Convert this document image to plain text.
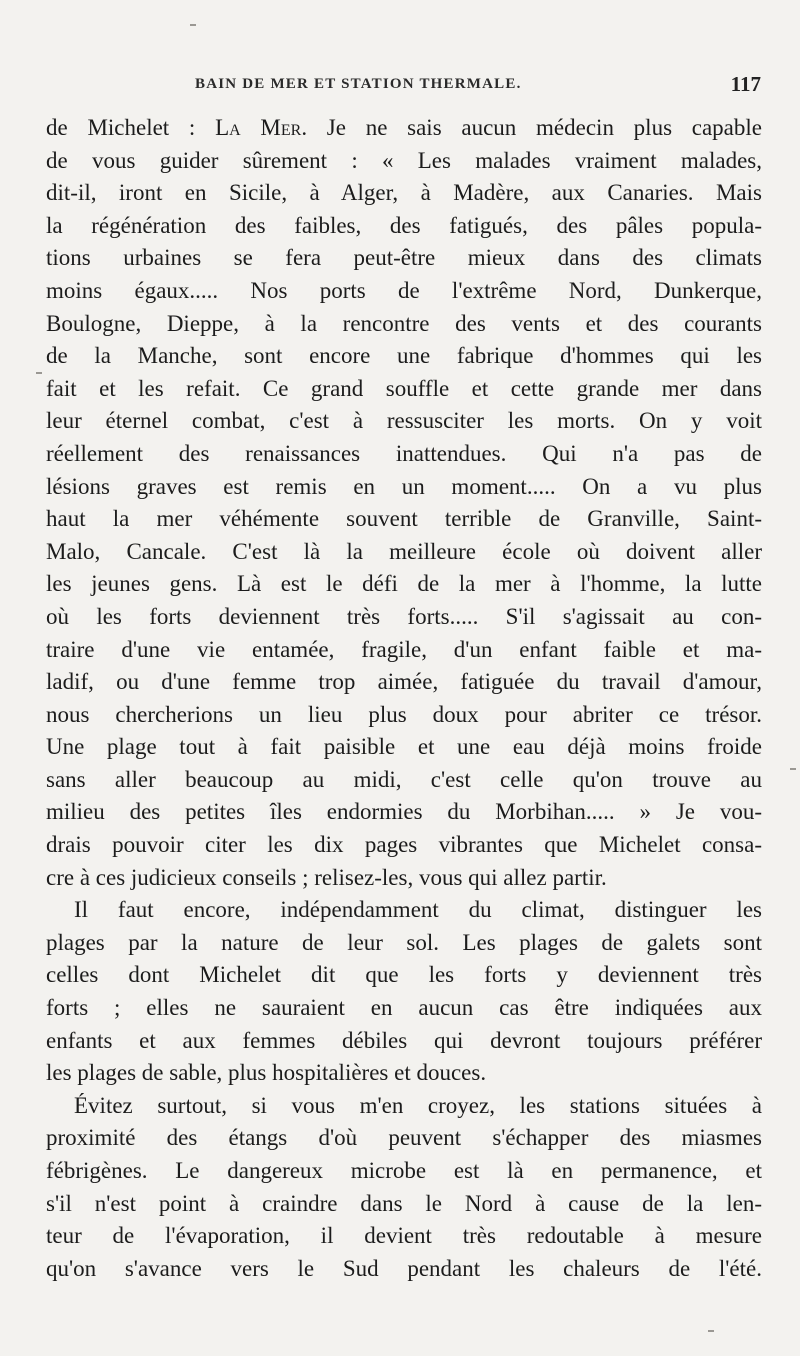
BAIN DE MER ET STATION THERMALE.	117
de Michelet : La Mer. Je ne sais aucun médecin plus capable
de vous guider sûrement : « Les malades vraiment malades,
dit-il, iront en Sicile, à Alger, à Madère, aux Canaries. Mais
la régénération des faibles, des fatigués, des pâles popula-
tions urbaines se fera peut-être mieux dans des climats
moins égaux..... Nos ports de l'extrême Nord, Dunkerque,
Boulogne, Dieppe, à la rencontre des vents et des courants
de la Manche, sont encore une fabrique d'hommes qui les
fait et les refait. Ce grand souffle et cette grande mer dans
leur éternel combat, c'est à ressusciter les morts. On y voit
réellement des renaissances inattendues. Qui n'a pas de
lésions graves est remis en un moment..... On a vu plus
haut la mer véhémente souvent terrible de Granville, Saint-
Malo, Cancale. C'est là la meilleure école où doivent aller
les jeunes gens. Là est le défi de la mer à l'homme, la lutte
où les forts deviennent très forts..... S'il s'agissait au con-
traire d'une vie entamée, fragile, d'un enfant faible et ma-
ladif, ou d'une femme trop aimée, fatiguée du travail d'amour,
nous chercherions un lieu plus doux pour abriter ce trésor.
Une plage tout à fait paisible et une eau déjà moins froide
sans aller beaucoup au midi, c'est celle qu'on trouve au
milieu des petites îles endormies du Morbihan..... » Je vou-
drais pouvoir citer les dix pages vibrantes que Michelet consa-
cre à ces judicieux conseils ; relisez-les, vous qui allez partir.
Il faut encore, indépendamment du climat, distinguer les
plages par la nature de leur sol. Les plages de galets sont
celles dont Michelet dit que les forts y deviennent très
forts ; elles ne sauraient en aucun cas être indiquées aux
enfants et aux femmes débiles qui devront toujours préférer
les plages de sable, plus hospitalières et douces.
Évitez surtout, si vous m'en croyez, les stations situées à
proximité des étangs d'où peuvent s'échapper des miasmes
fébrigènes. Le dangereux microbe est là en permanence, et
s'il n'est point à craindre dans le Nord à cause de la len-
teur de l'évaporation, il devient très redoutable à mesure
qu'on s'avance vers le Sud pendant les chaleurs de l'été.
